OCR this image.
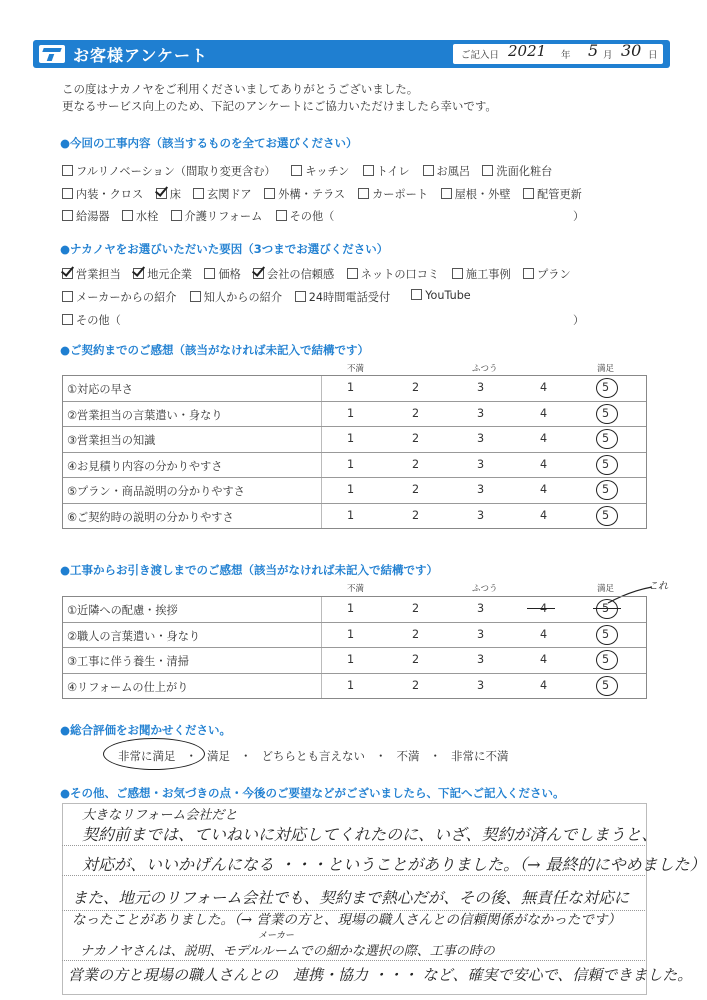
お客様アンケート	ご記入日 2021 年 5 月 30 日
この度はナカノヤをご利用くださいましてありがとうございました。
更なるサービス向上のため、下記のアンケートにご協力いただけましたら幸いです。
●今回の工事内容（該当するものを全てお選びください）
フルリノベーション（間取り変更含む）	キッチン	トイレ	お風呂	洗面化粧台
内装・クロス	床	玄関ドア	外構・テラス	カーポート	屋根・外壁	配管更新
給湯器	水栓	介護リフォーム	その他（	）
●ナカノヤをお選びいただいた要因（3つまでお選びください）
営業担当	地元企業	価格	会社の信頼感	ネットの口コミ	施工事例	プラン
メーカーからの紹介	知人からの紹介	24時間電話受付	YouTube
その他（	）
●ご契約までのご感想（該当がなければ未記入で結構です）
不満	ふつう	満足
①対応の早さ	1	2	3	4	5
②営業担当の言葉遣い・身なり	1	2	3	4	5
③営業担当の知識	1	2	3	4	5
④お見積り内容の分かりやすさ	1	2	3	4	5
⑤プラン・商品説明の分かりやすさ	1	2	3	4	5
⑥ご契約時の説明の分かりやすさ	1	2	3	4	5
●工事からお引き渡しまでのご感想（該当がなければ未記入で結構です）
不満	ふつう	満足	これ
①近隣への配慮・挨拶	1	2	3	4	5
②職人の言葉遣い・身なり	1	2	3	4	5
③工事に伴う養生・清掃	1	2	3	4	5
④リフォームの仕上がり	1	2	3	4	5
●総合評価をお聞かせください。
非常に満足 ・ 満足 ・ どちらとも言えない ・ 不満 ・ 非常に不満
●その他、ご感想・お気づきの点・今後のご要望などがございましたら、下記へご記入ください。
大きなリフォーム会社だと
契約前までは、ていねいに対応してくれたのに、いざ、契約が済んでしまうと、
対応が、いいかげんになる ・・・ということがありました。（→ 最終的にやめました）
また、地元のリフォーム会社でも、契約まで熱心だが、その後、無責任な対応に
なったことがありました。（→ 営業の方と、現場の職人さんとの信頼関係がなかったです）
メーカー
ナカノヤさんは、説明、モデルルームでの細かな選択の際、工事の時の
営業の方と現場の職人さんとの　連携・協力 ・・・ など、確実で安心で、信頼できました。
